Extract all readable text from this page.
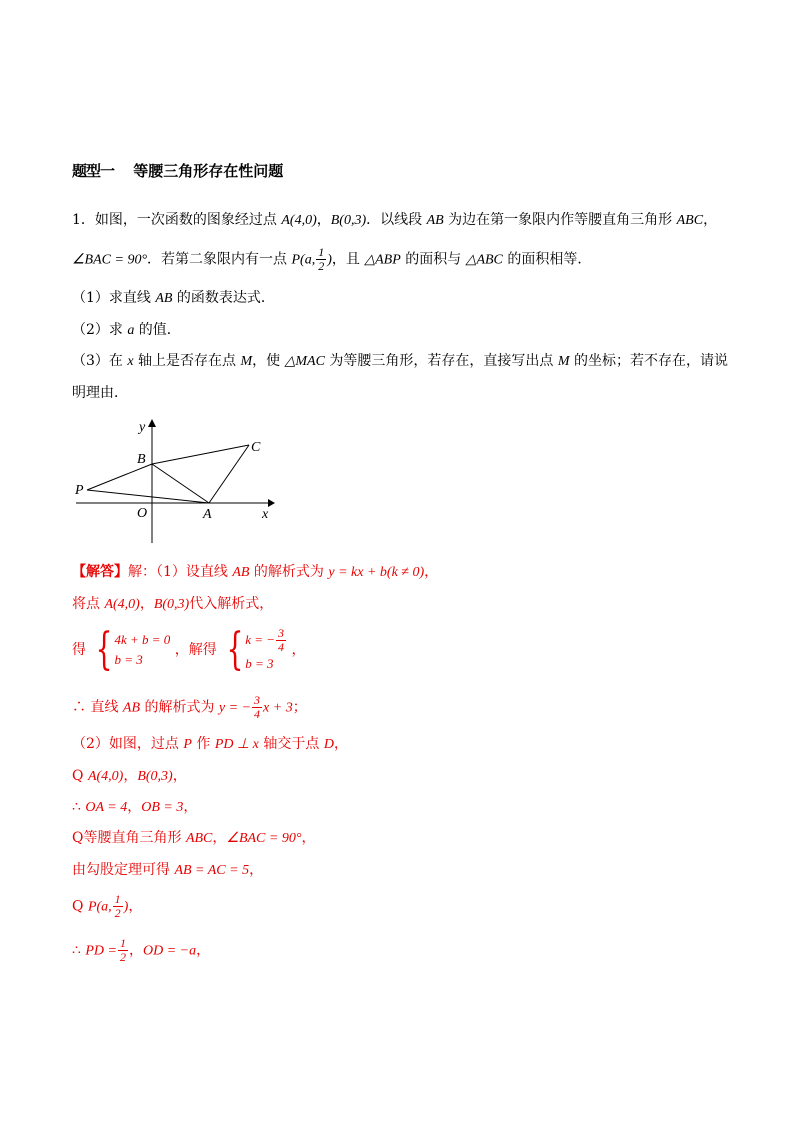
题型一 等腰三角形存在性问题
1．如图，一次函数的图象经过点 A(4,0)，B(0,3)．以线段 AB 为边在第一象限内作等腰直角三角形 ABC，
∠BAC = 90°．若第二象限内有一点 P(a, $\frac{1}{2}$ )，且 △ABP 的面积与 △ABC 的面积相等．
（1）求直线 AB 的函数表达式．
（2）求 a 的值．
（3）在 x 轴上是否存在点 M，使 △MAC 为等腰三角形，若存在，直接写出点 M 的坐标；若不存在，请说
明理由．
y
x
B
C
P
O	A
【解答】解：（1）设直线 AB 的解析式为 y = kx + b(k ≠ 0)，
将点 A(4,0)，B(0,3)代入解析式，
得 { 4k + b = 0
b = 3
，解得 { k = − $\frac{3}{4}$
b = 3
，
∴ 直线 AB 的解析式为 y = − $\frac{3}{4}$ x + 3；
（2）如图，过点 P 作 PD ⊥ x 轴交于点 D，
Q A(4,0)，B(0,3)，
∴ OA = 4，OB = 3，
Q等腰直角三角形 ABC，∠BAC = 90°，
由勾股定理可得 AB = AC = 5，
Q P(a, $\frac{1}{2}$ )，
∴ PD = $\frac{1}{2}$ ，OD = −a，
